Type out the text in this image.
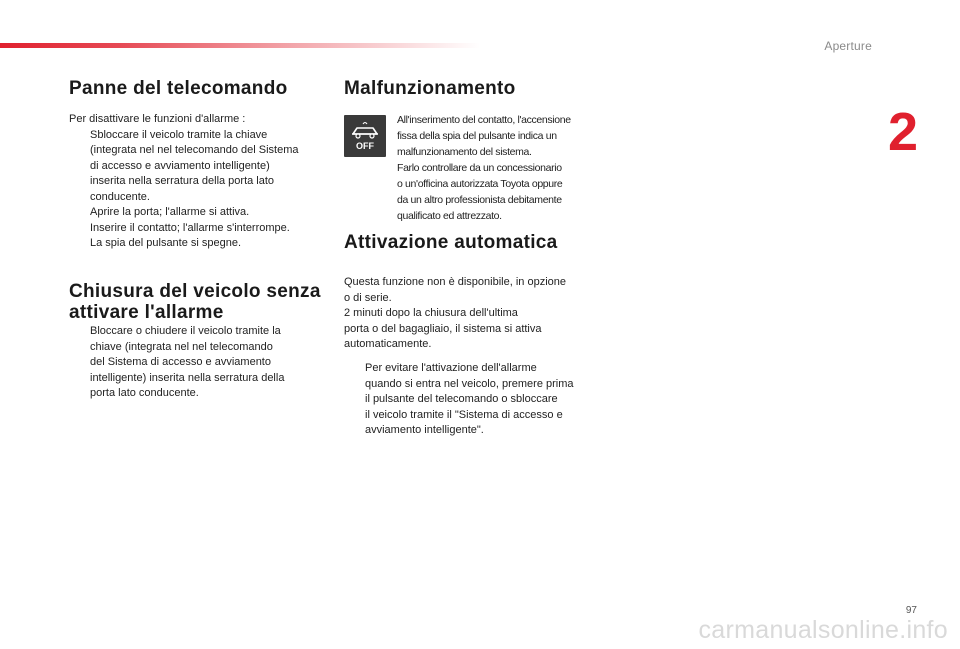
Aperture
2
Panne del telecomando
Per disattivare le funzioni d'allarme :
Sbloccare il veicolo tramite la chiave
(integrata nel nel telecomando del Sistema
di accesso e avviamento intelligente)
inserita nella serratura della porta lato
conducente.
Aprire la porta; l'allarme si attiva.
Inserire il contatto; l'allarme s'interrompe.
La spia del pulsante si spegne.
Chiusura del veicolo senza
attivare l'allarme
Bloccare o chiudere il veicolo tramite la
chiave (integrata nel nel telecomando
del Sistema di accesso e avviamento
intelligente) inserita nella serratura della
porta lato conducente.
Malfunzionamento
OFF
All'inserimento del contatto, l'accensione
fissa della spia del pulsante indica un
malfunzionamento del sistema.
Farlo controllare da un concessionario
o un'officina autorizzata Toyota oppure
da un altro professionista debitamente
qualificato ed attrezzato.
Attivazione automatica
Questa funzione non è disponibile, in opzione
o di serie.
2 minuti dopo la chiusura dell'ultima
porta o del bagagliaio, il sistema si attiva
automaticamente.
Per evitare l'attivazione dell'allarme
quando si entra nel veicolo, premere prima
il pulsante del telecomando o sbloccare
il veicolo tramite il "Sistema di accesso e
avviamento intelligente".
97
carmanualsonline.info
